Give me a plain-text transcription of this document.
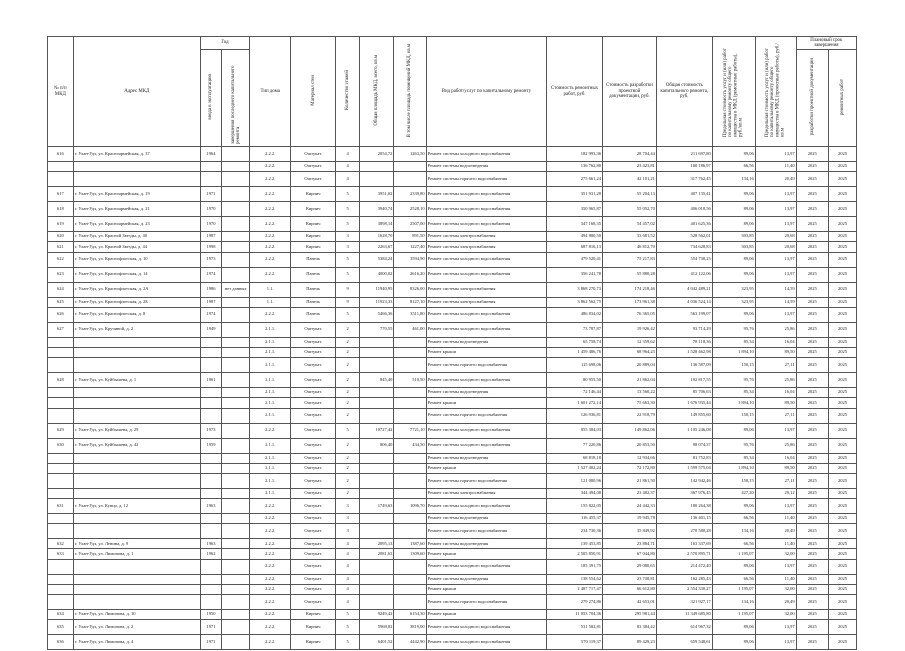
№ п/п МКД	Адрес МКД	Год		Тип дома	Материал стен	Количество этажей	Общая площадь МКД, всего, кв.м	В том числе площадь помещений МКД, кв.м	Вид работ/услуг по капитальному ремонту	Стоимость ремонтных работ, руб.	Стоимость разработки проектной документации, руб.	Общая стоимость капитального ремонта, руб.	Предельная стоимость услуг и (или) работ по капитальному ремонту общего имущества в МКД (ремонтные работы), руб./кв.м	Предельная стоимость услуг и (или) работ по капитальному ремонту общего имущества в МКД (проектные работы), руб./кв.м	Плановый срок завершения	
		ввода в эксплуатацию	завершения последнего капитального ремонта												разработки проектной документации	ремонтных работ
616	г. Улан-Удэ, ул. Красноармейская, д. 37	1964		2.2.2.	Оштукат.	4	2054,72	1263,50	Ремонт системы холодного водоснабжения	182 993,36	28 704,44	211 697,80	89,06	13,97	2025	2025
				2.2.2.	Оштукат.	4			Ремонт системы водоотведения	136 762,80	23 423,81	160 186,97	66,56	11,40	2025	2025
				2.2.2.	Оштукат.	4			Ремонт системы горячего водоснабжения	275 661,24	42 101,21	317 762,45	134,16	20,49	2025	2025
617	г. Улан-Удэ, ул. Красноармейская, д. 19	1971		2.2.2.	Кирпич	5	3951,02	2339,80	Ремонт системы холодного водоснабжения	351 931,28	55 204,13	407 135,41	89,06	13,97	2025	2025
618	г. Улан-Удэ, ул. Красноармейская, д. 21	1970		2.2.2.	Кирпич	5	3940,74	2528,10	Ремонт системы холодного водоснабжения	350 965,87	55 052,70	406 018,56	89,06	13,97	2025	2025
619	г. Улан-Удэ, ул. Красноармейская, д. 23	1970		2.2.2.	Кирпич	5	3898,14	2507,00	Ремонт системы холодного водоснабжения	347 168,35	54 457,02	401 625,36	89,06	13,97	2025	2025
620	г. Улан-Удэ, ул. Красной Звезды, д. 40	1987		2.2.2.	Кирпич	3	1628,70	891,50	Ремонт системы электроснабжения	494 880,50	33 681,52	528 562,01	303,85	20,68	2025	2025
621	г. Улан-Удэ, ул. Красной Звезды, д. 44	1998		2.2.2.	Кирпич	3	2263,67	1227,40	Ремонт системы электроснабжения	687 816,13	46 812,70	734 628,83	303,85	20,68	2025	2025
622	г. Улан-Удэ, ул. Краснофлотская, д. 10	1973		2.2.2.	Панель	5	5384,24	3594,90	Ремонт системы холодного водоснабжения	479 520,41	75 217,83	554 738,25	89,06	13,97	2025	2025
623	г. Улан-Удэ, ул. Краснофлотская, д. 14	1974		2.2.2.	Панель	5	4000,02	2616,20	Ремонт системы холодного водоснабжения	356 241,78	55 880,28	412 122,06	89,06	13,97	2025	2025
624	г. Улан-Удэ, ул. Краснофлотская, д. 2А	1986	нет данных	1.1.	Панель	9	11940,95	8326,00	Ремонт системы электроснабжения	3 868 270,73	174 218,46	4 042 489,21	323,95	14,59	2025	2025
625	г. Улан-Удэ, ул. Краснофлотская, д. 2Б	1987		1.1.	Панель	9	11923,33	8127,10	Ремонт системы электроснабжения	3 862 562,75	173 961,38	4 036 524,14	323,95	14,59	2025	2025
626	г. Улан-Удэ, ул. Краснофлотская, д. 8	1974		2.2.2.	Панель	5	5466,36	3511,80	Ремонт системы холодного водоснабжения	486 834,02	76 365,05	563 199,07	89,06	13,97	2025	2025
627	г. Улан-Удэ, ул. Кручиной, д. 2	1949		2.1.1.	Оштукат.	2	770,55	461,00	Ремонт системы холодного водоснабжения	73 787,87	19 926,42	93 714,29	95,76	25,86	2025	2025
				2.1.1.	Оштукат.	2			Ремонт системы водоотведения	65 758,74	12 359,62	78 118,36	85,34	16,04	2025	2025
				2.1.1.	Оштукат.	2			Ремонт крыши	1 459 486,76	68 964,23	1 528 462,98	1 894,10	89,50	2025	2025
				2.1.1.	Оштукат.	2			Ремонт системы горячего водоснабжения	115 698,06	20 889,04	136 587,09	150,15	27,11	2025	2025
628	г. Улан-Удэ, ул. Куйбышева, д. 1	1961		2.1.1.	Оштукат.	2	845,40	510,50	Ремонт системы холодного водоснабжения	80 955,50	21 862,04	102 817,55	95,76	25,86	2025	2025
				2.1.1.	Оштукат.	2			Ремонт системы водоотведения	72 146,44	13 560,22	85 706,63	85,34	16,04	2025	2025
				2.1.1.	Оштукат.	2			Ремонт крыши	1 601 272,14	75 663,30	1 676 935,44	1 894,10	89,50	2025	2025
				2.1.1.	Оштукат.	2			Ремонт системы горячего водоснабжения	126 936,81	22 918,79	149 855,60	150,15	27,11	2025	2025
629	г. Улан-Удэ, ул. Куйбышева, д. 29	1973		2.2.2.	Оштукат.	5	10727,42	7721,10	Ремонт системы холодного водоснабжения	955 384,03	149 862,06	1 105 246,08	89,06	13,97	2025	2025
630	г. Улан-Удэ, ул. Куйбышева, д. 42	1959		2.1.1.	Оштукат.	2	806,40	434,50	Ремонт системы холодного водоснабжения	77 220,86	20 853,50	98 074,37	95,76	25,86	2025	2025
				2.1.1.	Оштукат.	2			Ремонт системы водоотведения	68 818,18	12 934,66	81 752,83	85,34	16,04	2025	2025
				2.1.1.	Оштукат.	2			Ремонт крыши	1 527 402,24	72 172,80	1 599 575,04	1 894,10	89,50	2025	2025
				2.1.1.	Оштукат.	2			Ремонт системы горячего водоснабжения	121 080,96	21 861,50	142 942,46	150,15	27,11	2025	2025
				2.1.1.	Оштукат.	2			Ремонт системы электроснабжения	344 494,08	23 482,37	367 976,45	427,20	29,12	2025	2025
631	г. Улан-Удэ, ул. Кунцо, д. 12	1963		2.2.2.	Оштукат.	3	1749,63	1096,70	Ремонт системы холодного водоснабжения	155 822,05	24 442,33	180 264,38	89,06	13,97	2025	2025
				2.2.2.	Оштукат.	3			Ремонт системы водоотведения	116 455,37	19 945,78	136 401,15	66,56	11,40	2025	2025
				2.2.2.	Оштукат.	3			Ремонт системы горячего водоснабжения	234 730,36	35 849,92	270 580,28	134,16	20,49	2025	2025
632	г. Улан-Удэ, ул. Ленина, д. 9	1963		2.2.2.	Оштукат.	4	2095,13	1387,60	Ремонт системы водоотведения	139 453,85	23 884,71	163 337,69	66,56	11,40	2025	2025
633	г. Улан-Удэ, ул. Лимонова, д. 1	1962		2.2.2.	Оштукат.	4	2081,63	1309,60	Ремонт крыши	2 505 850,91	67 044,80	2 570 895,71	1 195,07	32,00	2025	2025
				2.2.2.	Оштукат.	4			Ремонт системы холодного водоснабжения	185 391,75	29 080,65	214 472,40	89,06	13,97	2025	2025
				2.2.2.	Оштукат.	4			Ремонт системы водоотведения	138 554,62	23 730,81	162 285,43	66,56	11,40	2025	2025
				2.2.2.	Оштукат.	4			Ремонт крыши	2 487 717,47	66 612,80	2 554 330,27	1 195,07	32,00	2025	2025
				2.2.2.	Оштукат.	4			Ремонт системы горячего водоснабжения	279 274,86	42 653,01	321 927,17	134,16	20,49	2025	2025
634	г. Улан-Удэ, ул. Лимонова, д. 10	1950		2.2.2.	Кирпич	5	9249,42	6154,30	Ремонт крыши	11 053 704,36	295 981,44	11 349 685,80	1 195,07	32,00	2025	2025
635	г. Улан-Удэ, ул. Лимонова, д. 2	1971		2.2.2.	Кирпич	5	5968,82	3819,00	Ремонт системы холодного водоснабжения	531 582,81	83 384,42	614 967,32	89,06	13,97	2025	2025
636	г. Улан-Удэ, ул. Лимонова, д. 4	1971		2.2.2.	Кирпич	5	6401,52	4442,90	Ремонт системы холодного водоснабжения	570 119,37	89 429,23	659 548,61	89,06	13,97	2025	2025
